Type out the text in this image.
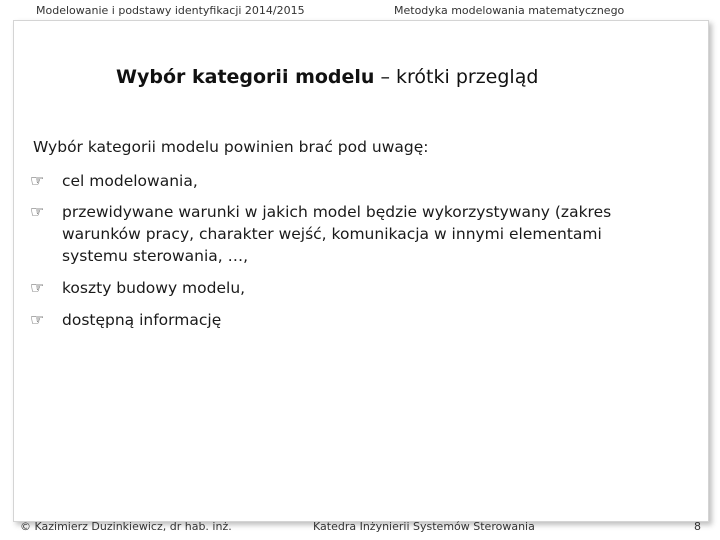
Modelowanie i podstawy identyfikacji 2014/2015	Metodyka modelowania matematycznego
Wybór kategorii modelu – krótki przegląd
Wybór kategorii modelu powinien brać pod uwagę:
☞	cel modelowania,
☞	przewidywane warunki w jakich model będzie wykorzystywany (zakres warunków pracy, charakter wejść, komunikacja w innymi elementami systemu sterowania, …,
☞	koszty budowy modelu,
☞	dostępną informację
© Kazimierz Duzinkiewicz, dr hab. inż.	Katedra Inżynierii Systemów Sterowania	8
